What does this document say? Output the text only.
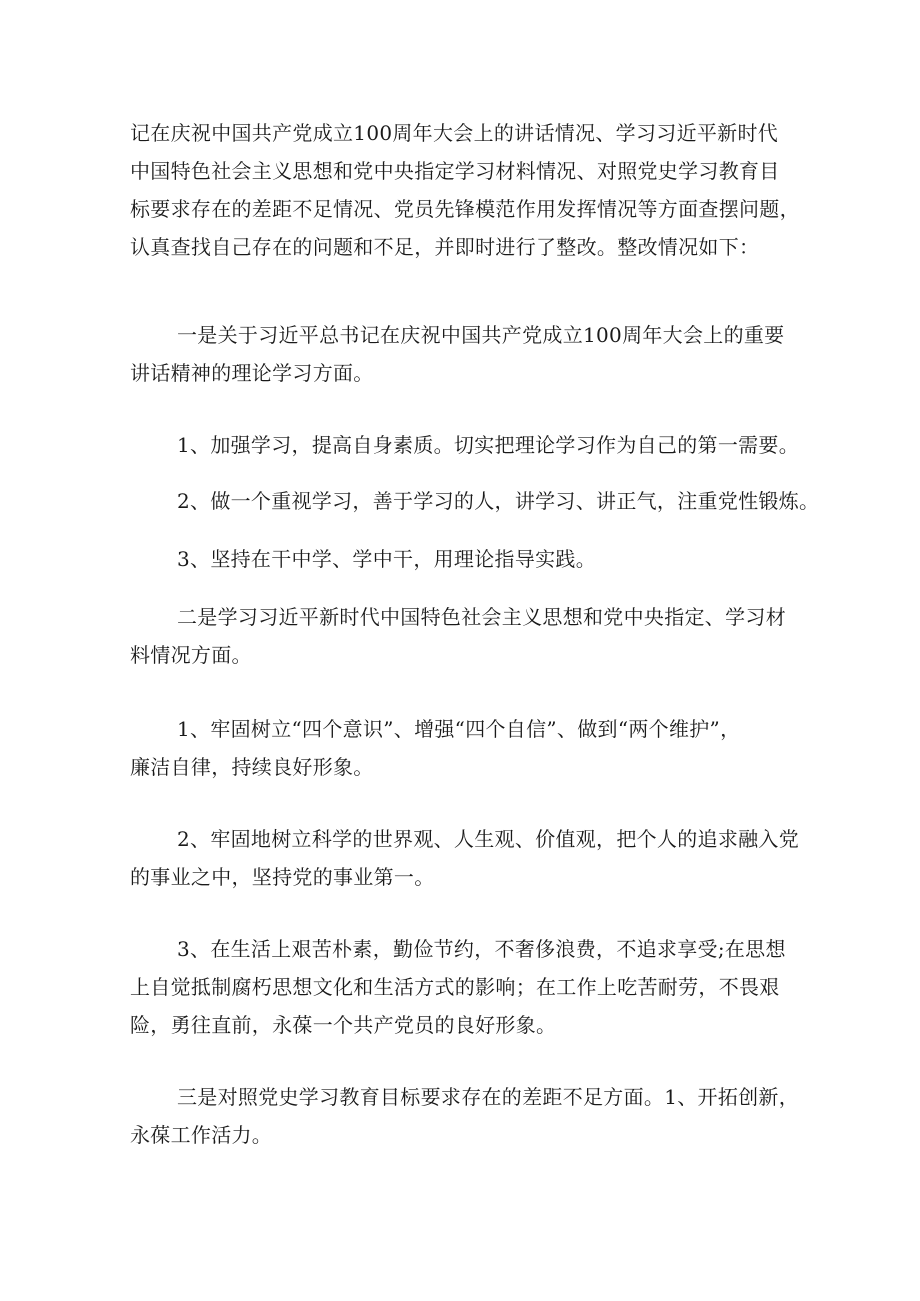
记在庆祝中国共产党成立100周年大会上的讲话情况、学习习近平新时代
中国特色社会主义思想和党中央指定学习材料情况、对照党史学习教育目
标要求存在的差距不足情况、党员先锋模范作用发挥情况等方面查摆问题，
认真查找自己存在的问题和不足，并即时进行了整改。整改情况如下：

一是关于习近平总书记在庆祝中国共产党成立100周年大会上的重要
讲话精神的理论学习方面。

1、加强学习，提高自身素质。切实把理论学习作为自己的第一需要。

2、做一个重视学习，善于学习的人，讲学习、讲正气，注重党性锻炼。

3、坚持在干中学、学中干，用理论指导实践。

二是学习习近平新时代中国特色社会主义思想和党中央指定、学习材
料情况方面。

1、牢固树立“四个意识”、增强“四个自信”、做到“两个维护”，
廉洁自律，持续良好形象。

2、牢固地树立科学的世界观、人生观、价值观，把个人的追求融入党
的事业之中，坚持党的事业第一。

3、在生活上艰苦朴素，勤俭节约，不奢侈浪费，不追求享受;在思想
上自觉抵制腐朽思想文化和生活方式的影响；在工作上吃苦耐劳，不畏艰
险，勇往直前，永葆一个共产党员的良好形象。

三是对照党史学习教育目标要求存在的差距不足方面。1、开拓创新，
永葆工作活力。
